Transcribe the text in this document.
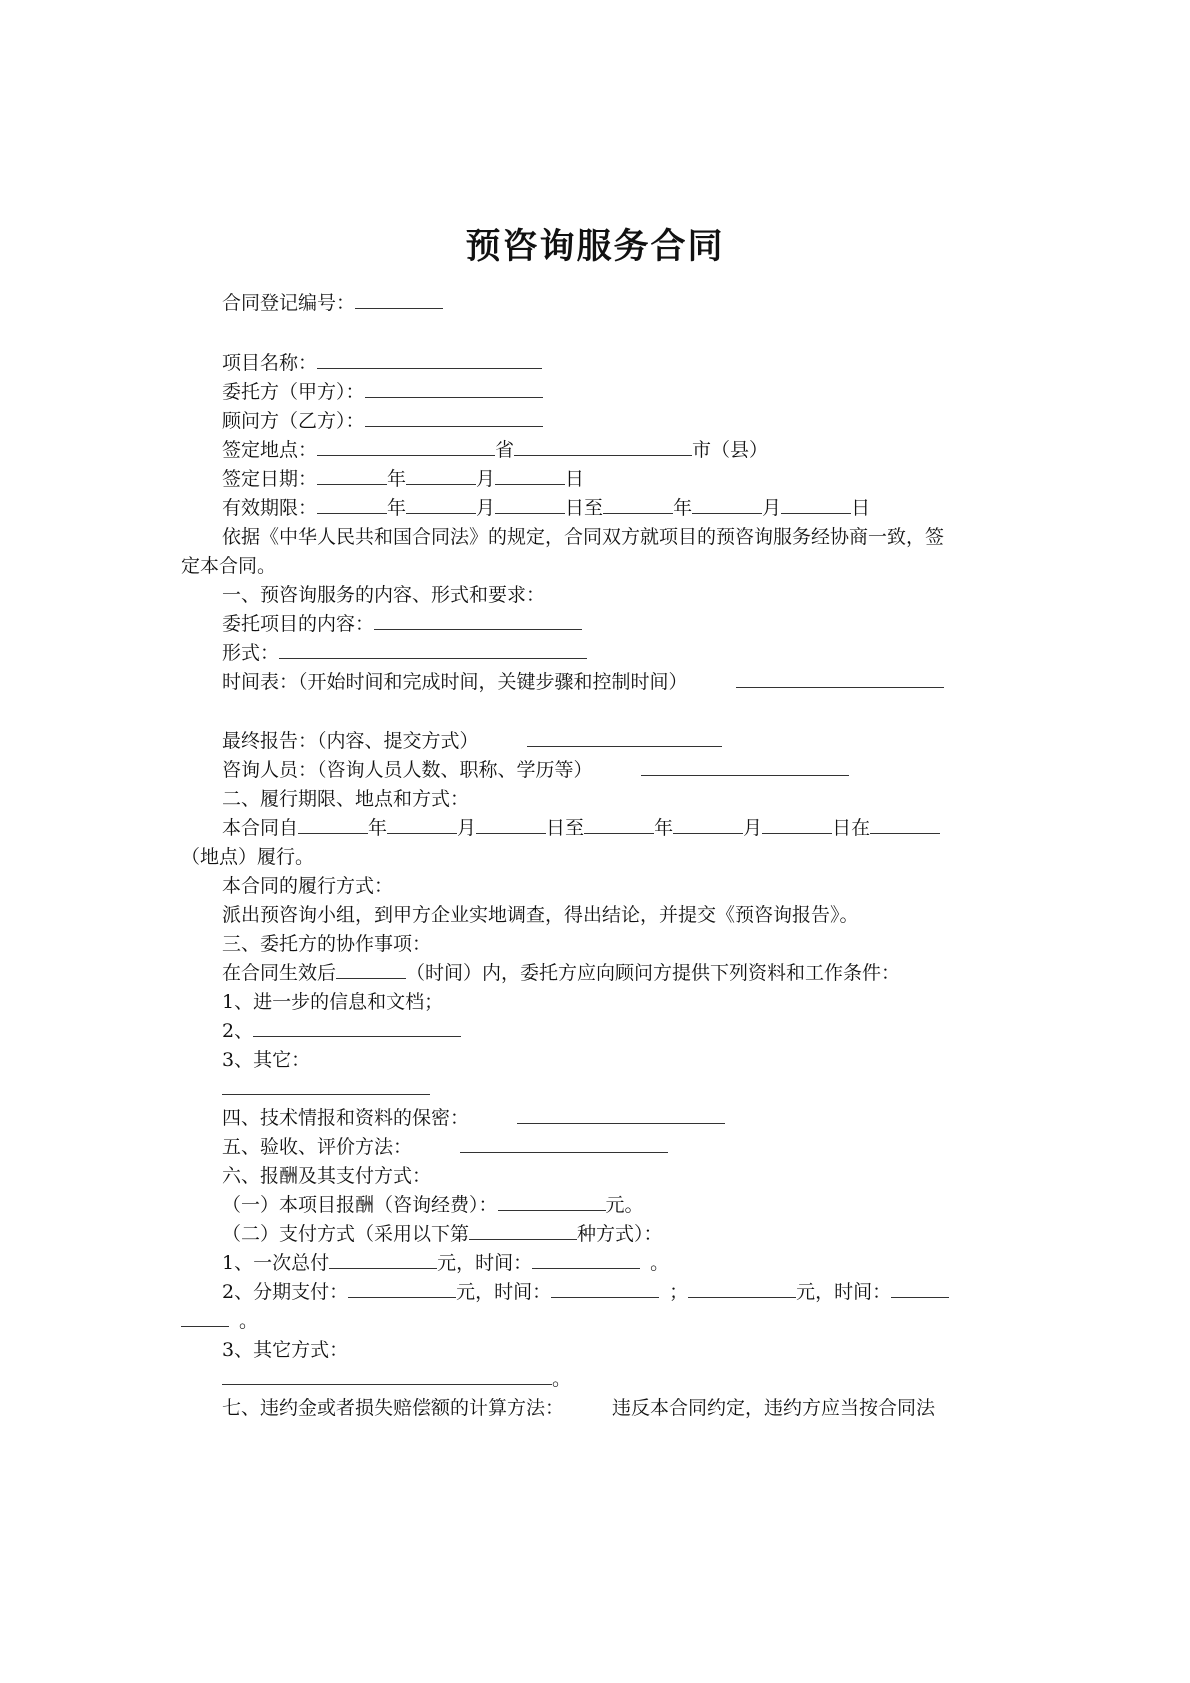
预咨询服务合同
合同登记编号：
项目名称：
委托方（甲方）：
顾问方（乙方）：
签定地点：	省	市（县）
签定日期：	年	月	日
有效期限：	年	月	日至	年	月	日
依据《中华人民共和国合同法》的规定，合同双方就项目的预咨询服务经协商一致，签
定本合同。
一、预咨询服务的内容、形式和要求：
委托项目的内容：
形式：
时间表：（开始时间和完成时间，关键步骤和控制时间）
最终报告：（内容、提交方式）
咨询人员：（咨询人员人数、职称、学历等）
二、履行期限、地点和方式：
本合同自	年	月	日至	年	月	日在
（地点）履行。
本合同的履行方式：
派出预咨询小组，到甲方企业实地调查，得出结论，并提交《预咨询报告》。
三、委托方的协作事项：
在合同生效后	（时间）内，委托方应向顾问方提供下列资料和工作条件：
1、进一步的信息和文档；
2、
3、其它：
四、技术情报和资料的保密：
五、验收、评价方法：
六、报酬及其支付方式：
（一）本项目报酬（咨询经费）：	元。
（二）支付方式（采用以下第	种方式）：
1、一次总付	元，时间：	。
2、分期支付：	元，时间：	；	元，时间：
。
3、其它方式：
。
七、违约金或者损失赔偿额的计算方法：	违反本合同约定，违约方应当按合同法
